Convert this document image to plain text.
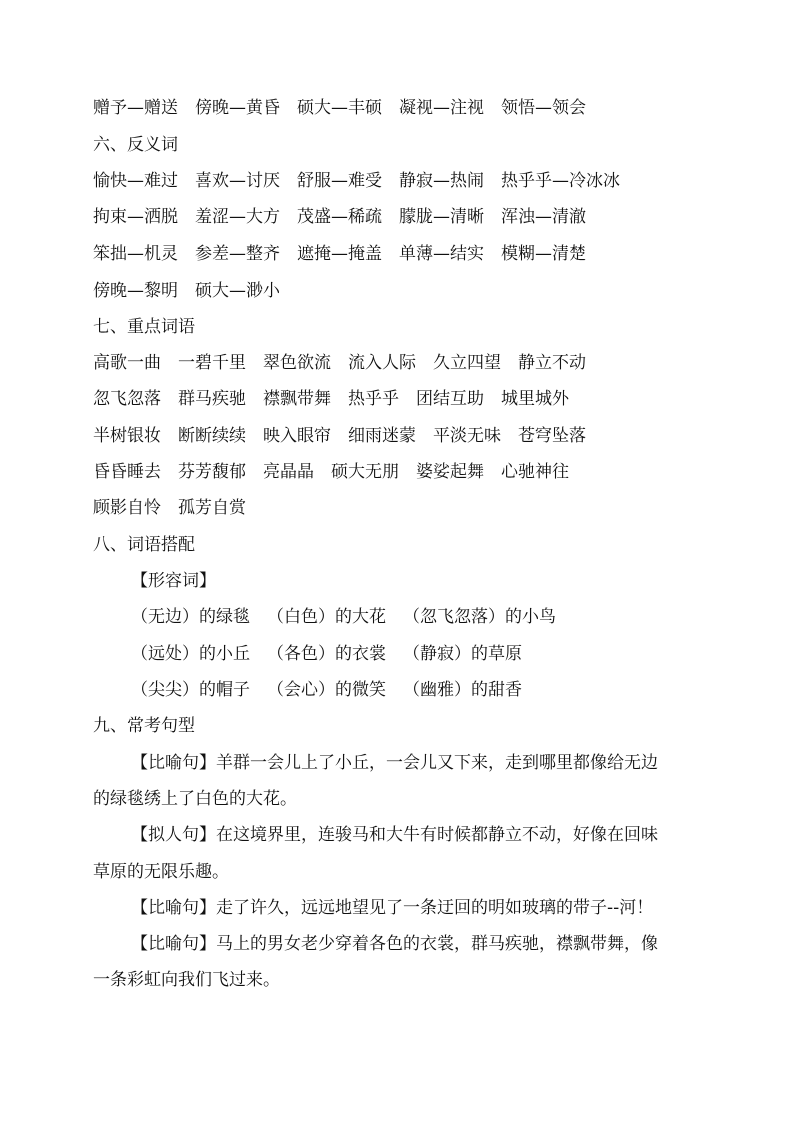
赠予—赠送 傍晚—黄昏 硕大—丰硕 凝视—注视 领悟—领会
六、反义词
愉快—难过 喜欢—讨厌 舒服—难受 静寂—热闹 热乎乎—冷冰冰
拘束—洒脱 羞涩—大方 茂盛—稀疏 朦胧—清晰 浑浊—清澈
笨拙—机灵 参差—整齐 遮掩—掩盖 单薄—结实 模糊—清楚
傍晚—黎明 硕大—渺小
七、重点词语
高歌一曲 一碧千里 翠色欲流 流入人际 久立四望 静立不动
忽飞忽落 群马疾驰 襟飘带舞 热乎乎 团结互助 城里城外
半树银妆 断断续续 映入眼帘 细雨迷蒙 平淡无味 苍穹坠落
昏昏睡去 芬芳馥郁 亮晶晶 硕大无朋 婆娑起舞 心驰神往
顾影自怜 孤芳自赏
八、词语搭配
【形容词】
（无边）的绿毯 （白色）的大花 （忽飞忽落）的小鸟
（远处）的小丘 （各色）的衣裳 （静寂）的草原
（尖尖）的帽子 （会心）的微笑 （幽雅）的甜香
九、常考句型
【比喻句】羊群一会儿上了小丘，一会儿又下来，走到哪里都像给无边
的绿毯绣上了白色的大花。
【拟人句】在这境界里，连骏马和大牛有时候都静立不动，好像在回味
草原的无限乐趣。
【比喻句】走了许久，远远地望见了一条迂回的明如玻璃的带子--河！
【比喻句】马上的男女老少穿着各色的衣裳，群马疾驰，襟飘带舞，像
一条彩虹向我们飞过来。
